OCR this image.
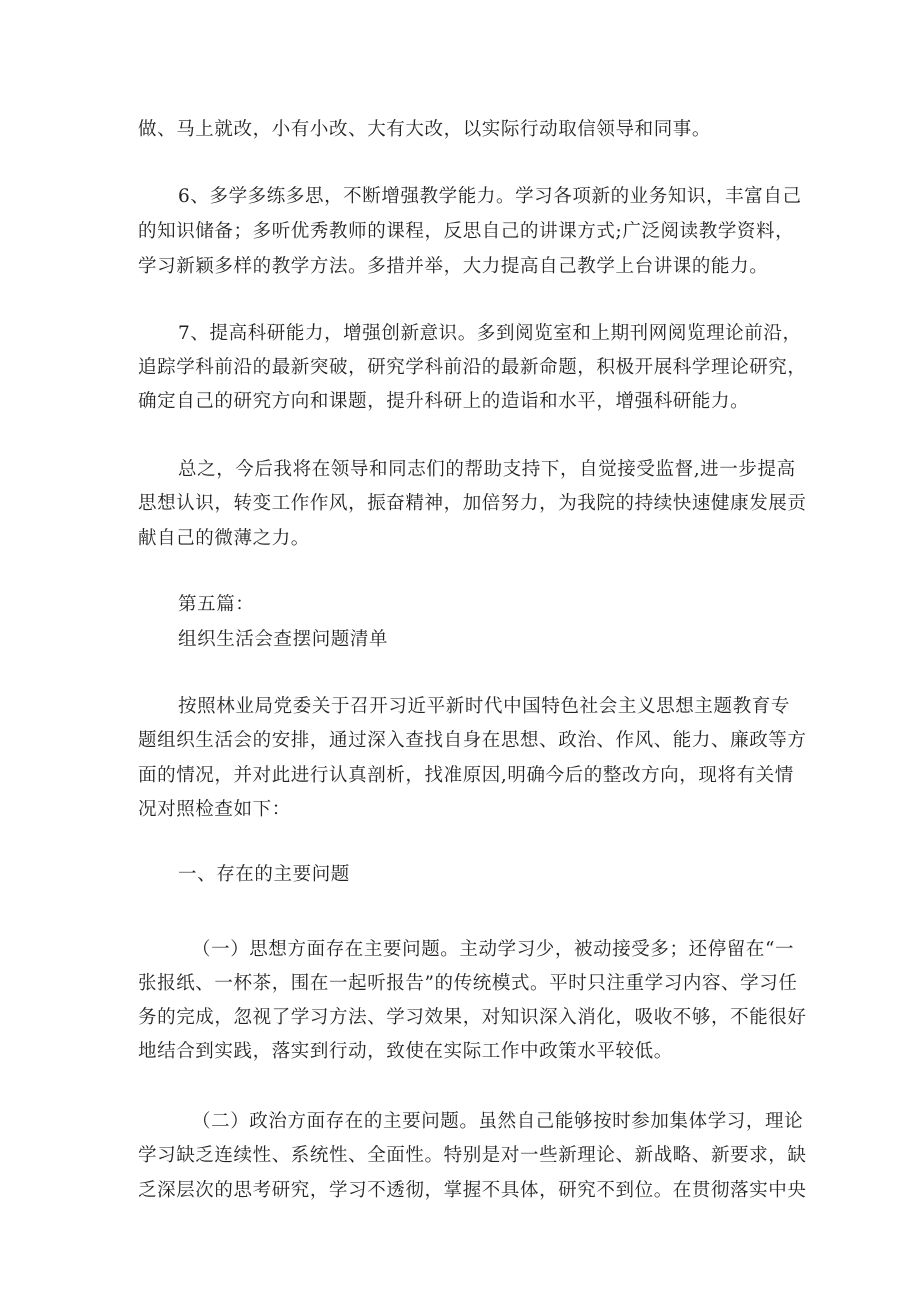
做、马上就改，小有小改、大有大改，以实际行动取信领导和同事。
6、多学多练多思，不断增强教学能力。学习各项新的业务知识，丰富自己
的知识储备；多听优秀教师的课程，反思自己的讲课方式;广泛阅读教学资料，
学习新颖多样的教学方法。多措并举，大力提高自己教学上台讲课的能力。
7、提高科研能力，增强创新意识。多到阅览室和上期刊网阅览理论前沿，
追踪学科前沿的最新突破，研究学科前沿的最新命题，积极开展科学理论研究，
确定自己的研究方向和课题，提升科研上的造诣和水平，增强科研能力。
总之，今后我将在领导和同志们的帮助支持下，自觉接受监督,进一步提高
思想认识，转变工作作风，振奋精神，加倍努力，为我院的持续快速健康发展贡
献自己的微薄之力。
第五篇：
组织生活会查摆问题清单
按照林业局党委关于召开习近平新时代中国特色社会主义思想主题教育专
题组织生活会的安排，通过深入查找自身在思想、政治、作风、能力、廉政等方
面的情况，并对此进行认真剖析，找准原因,明确今后的整改方向，现将有关情
况对照检查如下：
一、存在的主要问题
（一）思想方面存在主要问题。主动学习少，被动接受多；还停留在“一
张报纸、一杯茶，围在一起听报告”的传统模式。平时只注重学习内容、学习任
务的完成，忽视了学习方法、学习效果，对知识深入消化，吸收不够，不能很好
地结合到实践，落实到行动，致使在实际工作中政策水平较低。
（二）政治方面存在的主要问题。虽然自己能够按时参加集体学习，理论
学习缺乏连续性、系统性、全面性。特别是对一些新理论、新战略、新要求，缺
乏深层次的思考研究，学习不透彻，掌握不具体，研究不到位。在贯彻落实中央
